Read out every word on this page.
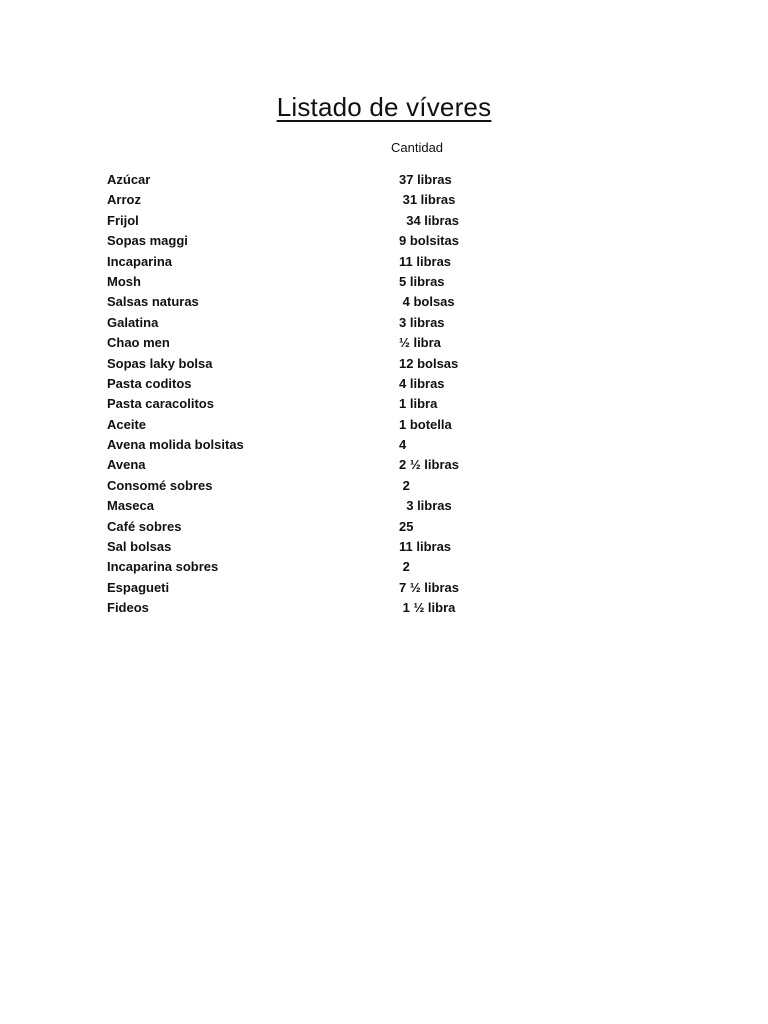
Listado de víveres
Cantidad
Azúcar	37 libras
Arroz	31 libras
Frijol	34 libras
Sopas maggi	9 bolsitas
Incaparina	11 libras
Mosh	5 libras
Salsas naturas	4 bolsas
Galatina	3 libras
Chao men	½ libra
Sopas laky bolsa	12 bolsas
Pasta coditos	4 libras
Pasta caracolitos	1 libra
Aceite	1 botella
Avena molida bolsitas	4
Avena	2 ½ libras
Consomé sobres	2
Maseca	3 libras
Café sobres	25
Sal bolsas	11 libras
Incaparina sobres	2
Espagueti	7 ½ libras
Fideos	1 ½ libra
